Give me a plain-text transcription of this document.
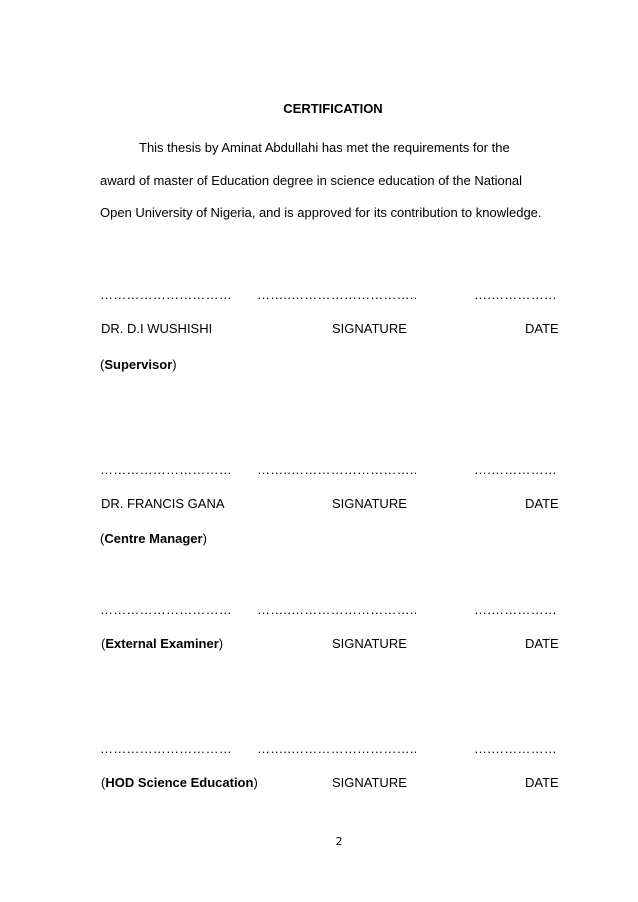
CERTIFICATION
This thesis by Aminat Abdullahi has met the requirements for the
award of master of Education degree in science education of the National
Open University of Nigeria, and is approved for its contribution to knowledge.
………………………… ……..………………………..	….……………
DR. D.I WUSHISHI	SIGNATURE	DATE
(Supervisor)
………………………… ……..………………………..	….……………
DR. FRANCIS GANA	SIGNATURE	DATE
(Centre Manager)
………………………… ……..………………………..	….……………
(External Examiner)	SIGNATURE	DATE
………………………… ……..………………………..	….……………
(HOD Science Education)	SIGNATURE	DATE
2
